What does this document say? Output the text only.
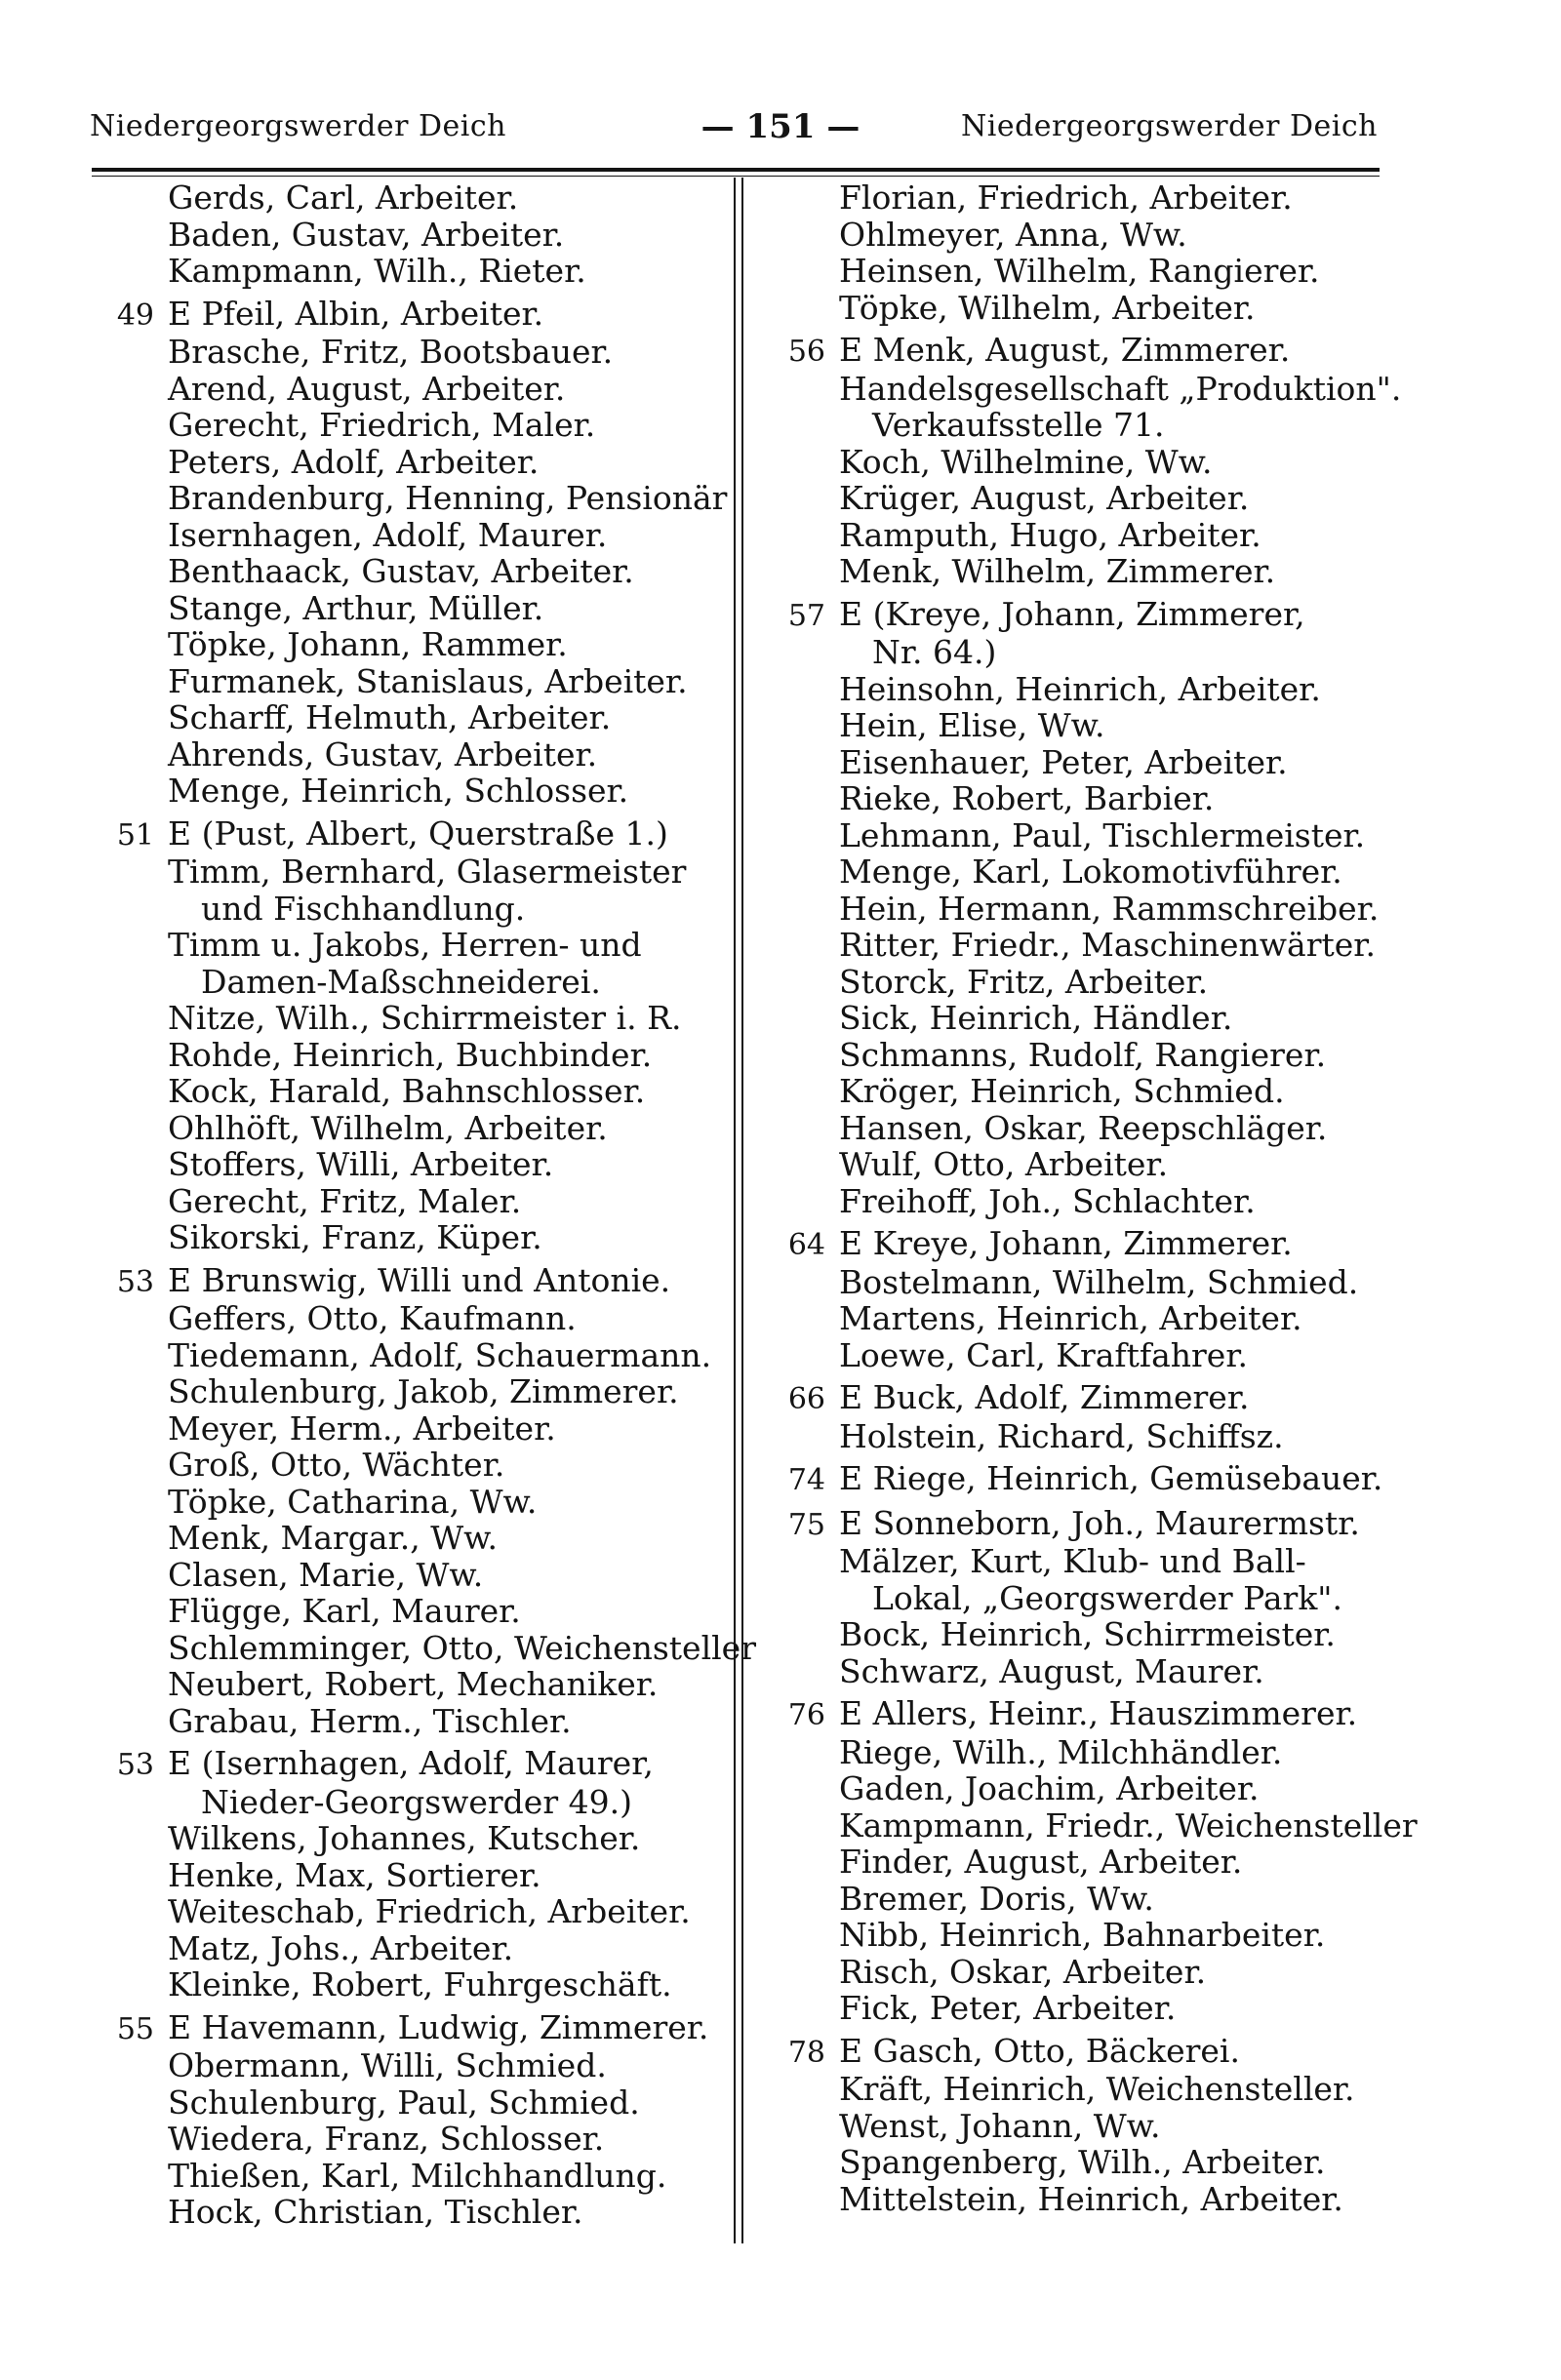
Niedergeorgswerder Deich	— 151 —	Niedergeorgswerder Deich
Gerds, Carl, Arbeiter.
Baden, Gustav, Arbeiter.
Kampmann, Wilh., Rieter.
49 E Pfeil, Albin, Arbeiter.
Brasche, Fritz, Bootsbauer.
Arend, August, Arbeiter.
Gerecht, Friedrich, Maler.
Peters, Adolf, Arbeiter.
Brandenburg, Henning, Pensionär
Isernhagen, Adolf, Maurer.
Benthaack, Gustav, Arbeiter.
Stange, Arthur, Müller.
Töpke, Johann, Rammer.
Furmanek, Stanislaus, Arbeiter.
Scharff, Helmuth, Arbeiter.
Ahrends, Gustav, Arbeiter.
Menge, Heinrich, Schlosser.
51 E (Pust, Albert, Querstraße 1.)
Timm, Bernhard, Glasermeister
und Fischhandlung.
Timm u. Jakobs, Herren- und
Damen-Maßschneiderei.
Nitze, Wilh., Schirrmeister i. R.
Rohde, Heinrich, Buchbinder.
Kock, Harald, Bahnschlosser.
Ohlhöft, Wilhelm, Arbeiter.
Stoffers, Willi, Arbeiter.
Gerecht, Fritz, Maler.
Sikorski, Franz, Küper.
53 E Brunswig, Willi und Antonie.
Geffers, Otto, Kaufmann.
Tiedemann, Adolf, Schauermann.
Schulenburg, Jakob, Zimmerer.
Meyer, Herm., Arbeiter.
Groß, Otto, Wächter.
Töpke, Catharina, Ww.
Menk, Margar., Ww.
Clasen, Marie, Ww.
Flügge, Karl, Maurer.
Schlemminger, Otto, Weichensteller
Neubert, Robert, Mechaniker.
Grabau, Herm., Tischler.
53 E (Isernhagen, Adolf, Maurer,
Nieder-Georgswerder 49.)
Wilkens, Johannes, Kutscher.
Henke, Max, Sortierer.
Weiteschab, Friedrich, Arbeiter.
Matz, Johs., Arbeiter.
Kleinke, Robert, Fuhrgeschäft.
55 E Havemann, Ludwig, Zimmerer.
Obermann, Willi, Schmied.
Schulenburg, Paul, Schmied.
Wiedera, Franz, Schlosser.
Thießen, Karl, Milchhandlung.
Hock, Christian, Tischler.
Florian, Friedrich, Arbeiter.
Ohlmeyer, Anna, Ww.
Heinsen, Wilhelm, Rangierer.
Töpke, Wilhelm, Arbeiter.
56 E Menk, August, Zimmerer.
Handelsgesellschaft „Produktion".
Verkaufsstelle 71.
Koch, Wilhelmine, Ww.
Krüger, August, Arbeiter.
Ramputh, Hugo, Arbeiter.
Menk, Wilhelm, Zimmerer.
57 E (Kreye, Johann, Zimmerer,
Nr. 64.)
Heinsohn, Heinrich, Arbeiter.
Hein, Elise, Ww.
Eisenhauer, Peter, Arbeiter.
Rieke, Robert, Barbier.
Lehmann, Paul, Tischlermeister.
Menge, Karl, Lokomotivführer.
Hein, Hermann, Rammschreiber.
Ritter, Friedr., Maschinenwärter.
Storck, Fritz, Arbeiter.
Sick, Heinrich, Händler.
Schmanns, Rudolf, Rangierer.
Kröger, Heinrich, Schmied.
Hansen, Oskar, Reepschläger.
Wulf, Otto, Arbeiter.
Freihoff, Joh., Schlachter.
64 E Kreye, Johann, Zimmerer.
Bostelmann, Wilhelm, Schmied.
Martens, Heinrich, Arbeiter.
Loewe, Carl, Kraftfahrer.
66 E Buck, Adolf, Zimmerer.
Holstein, Richard, Schiffsz.
74 E Riege, Heinrich, Gemüsebauer.
75 E Sonneborn, Joh., Maurermstr.
Mälzer, Kurt, Klub- und Ball-
Lokal, „Georgswerder Park".
Bock, Heinrich, Schirrmeister.
Schwarz, August, Maurer.
76 E Allers, Heinr., Hauszimmerer.
Riege, Wilh., Milchhändler.
Gaden, Joachim, Arbeiter.
Kampmann, Friedr., Weichensteller
Finder, August, Arbeiter.
Bremer, Doris, Ww.
Nibb, Heinrich, Bahnarbeiter.
Risch, Oskar, Arbeiter.
Fick, Peter, Arbeiter.
78 E Gasch, Otto, Bäckerei.
Kräft, Heinrich, Weichensteller.
Wenst, Johann, Ww.
Spangenberg, Wilh., Arbeiter.
Mittelstein, Heinrich, Arbeiter.
